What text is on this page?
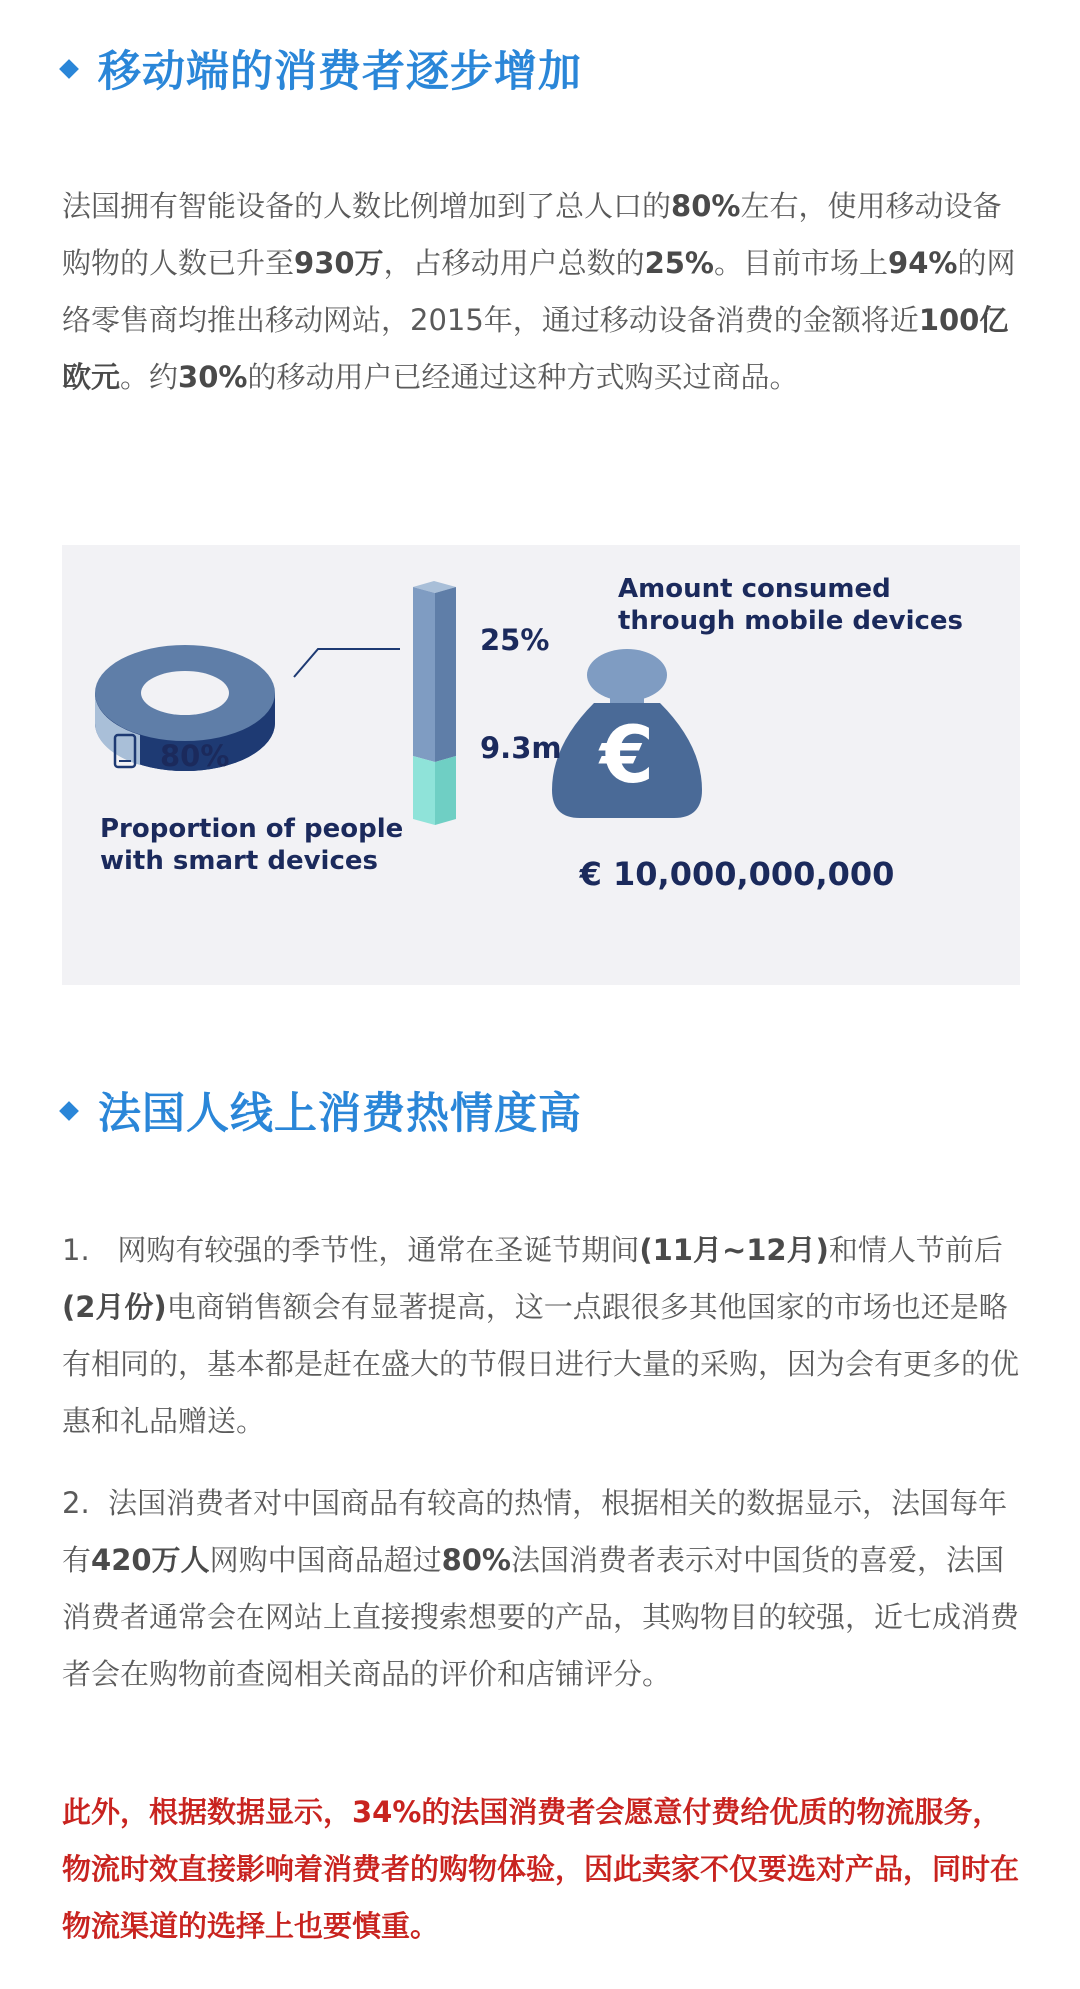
移动端的消费者逐步增加
法国拥有智能设备的人数比例增加到了总人口的80%左右，使用移动设备购物的人数已升至930万，占移动用户总数的25%。目前市场上94%的网络零售商均推出移动网站，2015年，通过移动设备消费的金额将近100亿欧元。约30%的移动用户已经通过这种方式购买过商品。
80%
25%
9.3m
Proportion of people
with smart devices
Amount consumed
through mobile devices
€
€ 10,000,000,000
法国人线上消费热情度高
1. 网购有较强的季节性，通常在圣诞节期间(11月~12月)和情人节前后(2月份)电商销售额会有显著提高，这一点跟很多其他国家的市场也还是略有相同的，基本都是赶在盛大的节假日进行大量的采购，因为会有更多的优惠和礼品赠送。
2. 法国消费者对中国商品有较高的热情，根据相关的数据显示，法国每年有420万人网购中国商品超过80%法国消费者表示对中国货的喜爱，法国消费者通常会在网站上直接搜索想要的产品，其购物目的较强，近七成消费者会在购物前查阅相关商品的评价和店铺评分。
此外，根据数据显示，34%的法国消费者会愿意付费给优质的物流服务，物流时效直接影响着消费者的购物体验，因此卖家不仅要选对产品，同时在物流渠道的选择上也要慎重。
